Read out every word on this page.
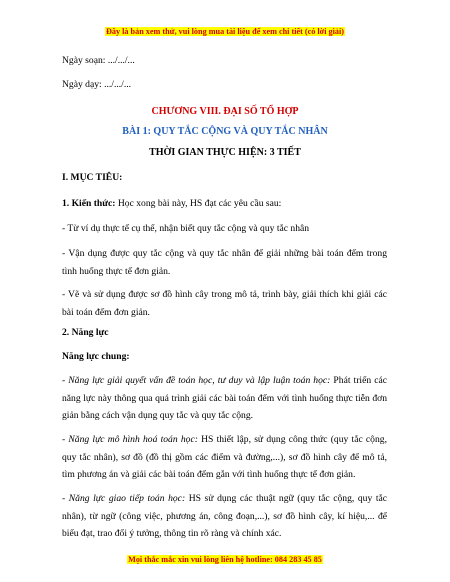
Đây là bản xem thử, vui lòng mua tài liệu để xem chi tiết (có lời giải)
Ngày soạn: .../.../...
Ngày dạy: .../.../...
CHƯƠNG VIII. ĐẠI SỐ TỔ HỢP
BÀI 1: QUY TẮC CỘNG VÀ QUY TẮC NHÂN
THỜI GIAN THỰC HIỆN: 3 TIẾT
I. MỤC TIÊU:
1. Kiến thức: Học xong bài này, HS đạt các yêu cầu sau:
- Từ ví dụ thực tế cụ thể, nhận biết quy tắc cộng và quy tắc nhân
- Vận dụng được quy tắc cộng và quy tắc nhân để giải những bài toán đếm trong tình huống thực tế đơn giản.
- Vẽ và sử dụng được sơ đồ hình cây trong mô tả, trình bày, giải thích khi giải các bài toán đếm đơn giản.
2. Năng lực
Năng lực chung:
- Năng lực giải quyết vấn đề toán học, tư duy và lập luận toán học: Phát triển các năng lực này thông qua quá trình giải các bài toán đếm với tình huống thực tiễn đơn giản bằng cách vận dụng quy tắc và quy tắc cộng.
- Năng lực mô hình hoá toán học: HS thiết lập, sử dụng công thức (quy tắc cộng, quy tắc nhân), sơ đồ (đồ thị gồm các điểm và đường,...), sơ đồ hình cây để mô tả, tìm phương án và giải các bài toán đếm gắn với tình huống thực tế đơn giản.
- Năng lực giao tiếp toán học: HS sử dụng các thuật ngữ (quy tắc cộng, quy tắc nhân), từ ngữ (công việc, phương án, công đoạn,...), sơ đồ hình cây, kí hiệu,... để biểu đạt, trao đổi ý tưởng, thông tin rõ ràng và chính xác.
Mọi thắc mắc xin vui lòng liên hệ hotline: 084 283 45 85
